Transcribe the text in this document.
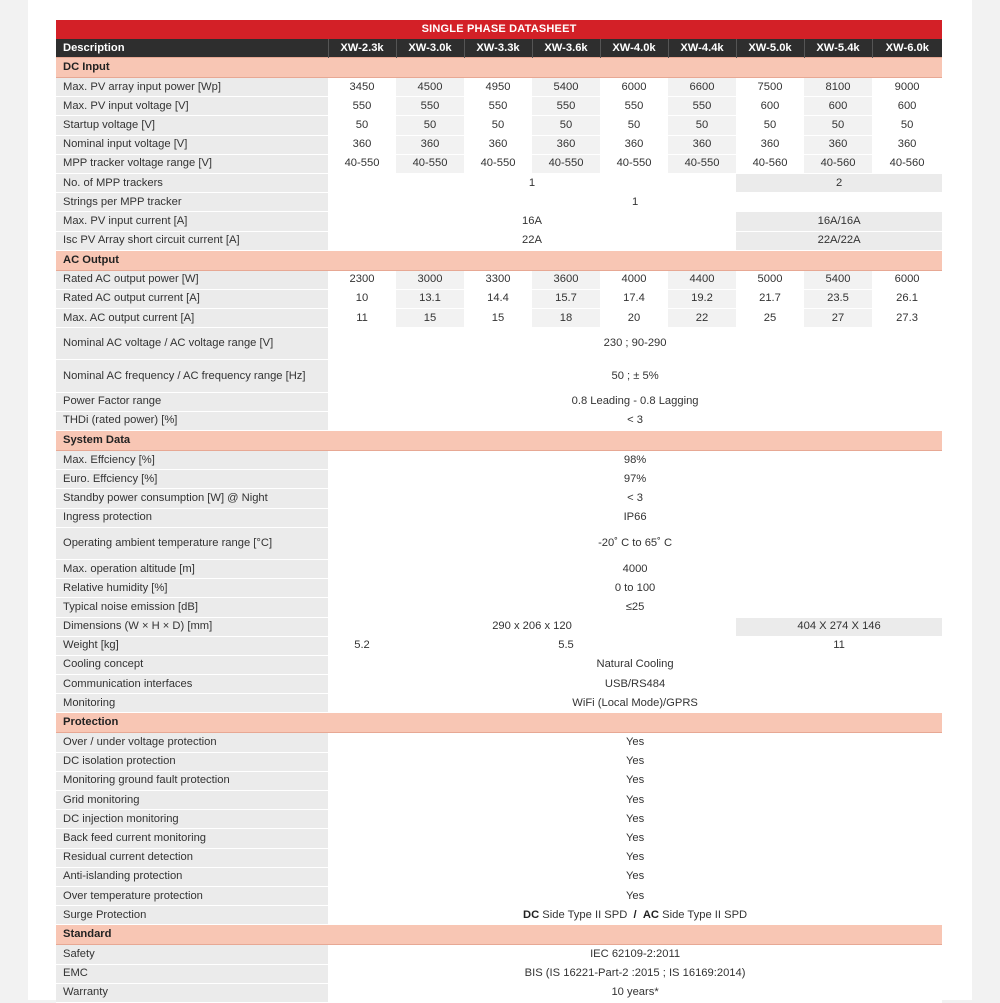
SINGLE PHASE DATASHEET									
Description	XW-2.3k	XW-3.0k	XW-3.3k	XW-3.6k	XW-4.0k	XW-4.4k	XW-5.0k	XW-5.4k	XW-6.0k
DC Input									
Max. PV array input power [Wp]	3450	4500	4950	5400	6000	6600	7500	8100	9000
Max. PV input voltage [V]	550	550	550	550	550	550	600	600	600
Startup voltage [V]	50	50	50	50	50	50	50	50	50
Nominal input voltage [V]	360	360	360	360	360	360	360	360	360
MPP tracker voltage range [V]	40-550	40-550	40-550	40-550	40-550	40-550	40-560	40-560	40-560
No. of MPP trackers	1						2		
Strings per MPP tracker	1								
Max. PV input current [A]	16A						16A/16A		
Isc PV Array short circuit current [A]	22A						22A/22A		
AC Output									
Rated AC output power [W]	2300	3000	3300	3600	4000	4400	5000	5400	6000
Rated AC output current [A]	10	13.1	14.4	15.7	17.4	19.2	21.7	23.5	26.1
Max. AC output current [A]	11	15	15	18	20	22	25	27	27.3
Nominal AC voltage / AC voltage range [V]	230 ; 90-290								
Nominal AC frequency / AC frequency range [Hz]	50 ; ± 5%								
Power Factor range	0.8 Leading - 0.8 Lagging								
THDi (rated power) [%]	< 3								
System Data									
Max. Effciency [%]	98%								
Euro. Effciency [%]	97%								
Standby power consumption [W] @ Night	< 3								
Ingress protection	IP66								
Operating ambient temperature range [°C]	-20˚ C to 65˚ C								
Max. operation altitude [m]	4000								
Relative humidity [%]	0 to 100								
Typical noise emission [dB]	≤25								
Dimensions (W × H × D) [mm]	290 x 206 x 120						404 X 274 X 146		
Weight [kg]	5.2	5.5					11		
Cooling concept	Natural Cooling								
Communication interfaces	USB/RS484								
Monitoring	WiFi (Local Mode)/GPRS								
Protection									
Over / under voltage protection	Yes								
DC isolation protection	Yes								
Monitoring ground fault protection	Yes								
Grid monitoring	Yes								
DC injection monitoring	Yes								
Back feed current monitoring	Yes								
Residual current detection	Yes								
Anti-islanding protection	Yes								
Over temperature protection	Yes								
Surge Protection	DC Side Type II SPD / AC Side Type II SPD								
Standard									
Safety	IEC 62109-2:2011								
EMC	BIS (IS 16221-Part-2 :2015 ; IS 16169:2014)								
Warranty	10 years*								
